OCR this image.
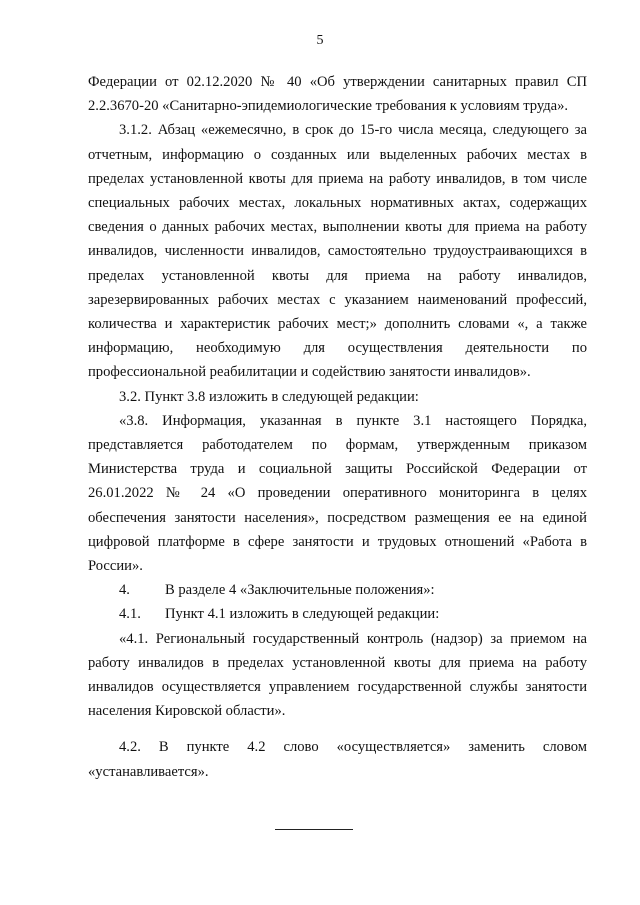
5

Федерации от 02.12.2020 № 40 «Об утверждении санитарных правил СП 2.2.3670-20 «Санитарно-эпидемиологические требования к условиям труда».

3.1.2. Абзац «ежемесячно, в срок до 15-го числа месяца, следующего за отчетным, информацию о созданных или выделенных рабочих местах в пределах установленной квоты для приема на работу инвалидов, в том числе специальных рабочих местах, локальных нормативных актах, содержащих сведения о данных рабочих местах, выполнении квоты для приема на работу инвалидов, численности инвалидов, самостоятельно трудоустраивающихся в пределах установленной квоты для приема на работу инвалидов, зарезервированных рабочих местах с указанием наименований профессий, количества и характеристик рабочих мест;» дополнить словами «, а также информацию, необходимую для осуществления деятельности по профессиональной реабилитации и содействию занятости инвалидов».

3.2. Пункт 3.8 изложить в следующей редакции:

«3.8. Информация, указанная в пункте 3.1 настоящего Порядка, представляется работодателем по формам, утвержденным приказом Министерства труда и социальной защиты Российской Федерации от 26.01.2022 № 24 «О проведении оперативного мониторинга в целях обеспечения занятости населения», посредством размещения ее на единой цифровой платформе в сфере занятости и трудовых отношений «Работа в России».

4.	В разделе 4 «Заключительные положения»:
4.1.	Пункт 4.1 изложить в следующей редакции:

«4.1. Региональный государственный контроль (надзор) за приемом на работу инвалидов в пределах установленной квоты для приема на работу инвалидов осуществляется управлением государственной службы занятости населения Кировской области».

4.2. В пункте 4.2 слово «осуществляется» заменить словом «устанавливается».
